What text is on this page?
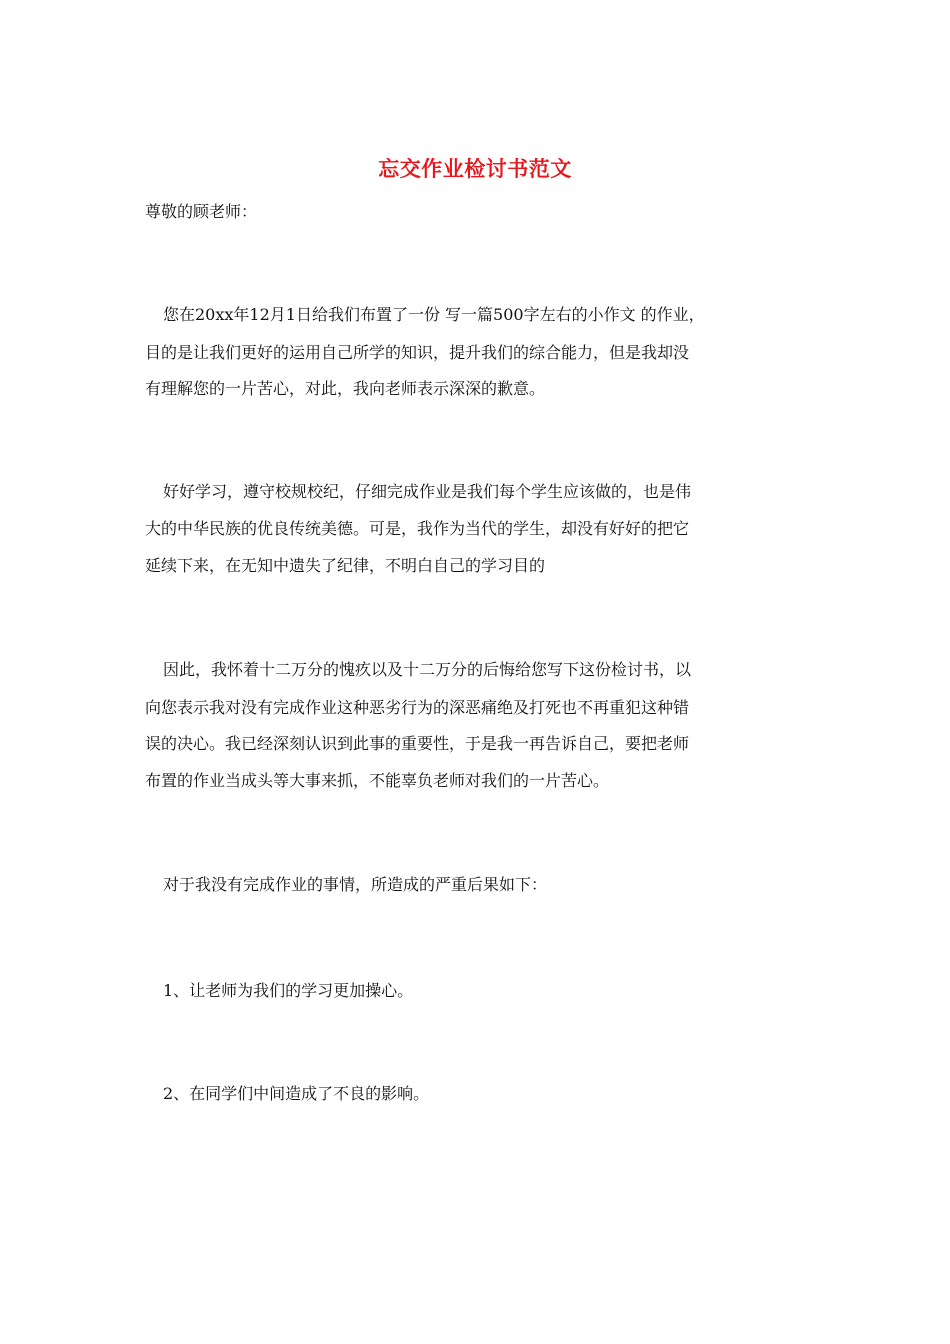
忘交作业检讨书范文
尊敬的顾老师：
您在20xx年12月1日给我们布置了一份 写一篇500字左右的小作文 的作业，
目的是让我们更好的运用自己所学的知识，提升我们的综合能力，但是我却没
有理解您的一片苦心，对此，我向老师表示深深的歉意。
好好学习，遵守校规校纪，仔细完成作业是我们每个学生应该做的，也是伟
大的中华民族的优良传统美德。可是，我作为当代的学生，却没有好好的把它
延续下来，在无知中遗失了纪律，不明白自己的学习目的
因此，我怀着十二万分的愧疚以及十二万分的后悔给您写下这份检讨书，以
向您表示我对没有完成作业这种恶劣行为的深恶痛绝及打死也不再重犯这种错
误的决心。我已经深刻认识到此事的重要性，于是我一再告诉自己，要把老师
布置的作业当成头等大事来抓，不能辜负老师对我们的一片苦心。
对于我没有完成作业的事情，所造成的严重后果如下：
1、让老师为我们的学习更加操心。
2、在同学们中间造成了不良的影响。
